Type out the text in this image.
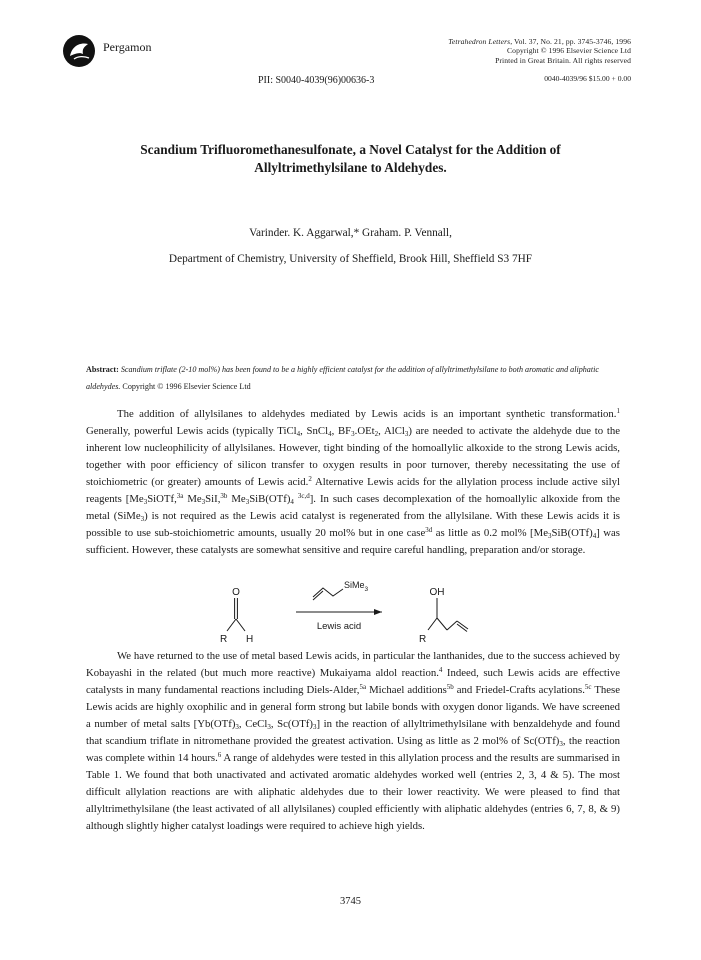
Pergamon	Tetrahedron Letters, Vol. 37, No. 21, pp. 3745-3746, 1996
Copyright © 1996 Elsevier Science Ltd
Printed in Great Britain. All rights reserved
PII: S0040-4039(96)00636-3	0040-4039/96 $15.00 + 0.00
Scandium Trifluoromethanesulfonate, a Novel Catalyst for the Addition of
Allyltrimethylsilane to Aldehydes.
Varinder. K. Aggarwal,* Graham. P. Vennall,
Department of Chemistry, University of Sheffield, Brook Hill, Sheffield S3 7HF
Abstract: Scandium triflate (2-10 mol%) has been found to be a highly efficient catalyst for the addition of allyltrimethylsilane to both aromatic and aliphatic aldehydes. Copyright © 1996 Elsevier Science Ltd

The addition of allylsilanes to aldehydes mediated by Lewis acids is an important synthetic transformation.$^1$ Generally, powerful Lewis acids (typically TiCl$_4$, SnCl$_4$, $BF_3.OEt_2$, AlCl$_3$) are needed to activate the aldehyde due to the inherent low nucleophilicity of allylsilanes. However, tight binding of the homoallylic alkoxide to the strong Lewis acids, together with poor efficiency of silicon transfer to oxygen results in poor turnover, thereby necessitating the use of stoichiometric (or greater) amounts of Lewis acid.$^2$ Alternative Lewis acids for the allylation process include active silyl reagents [$Me_3SiOTf,^{3a}$ $Me_3SiI,^{3b}$ $Me_3SiB(OTf)_4$ $^{3c,d}$]. In such cases decomplexation of the homoallylic alkoxide from the metal (SiMe$_3$) is not required as the Lewis acid catalyst is regenerated from the allylsilane. With these Lewis acids it is possible to use sub-stoichiometric amounts, usually 20 mol% but in one case$^{3d}$ as little as 0.2 mol% $[Me_3SiB(OTf)_4]$ was sufficient. However, these catalysts are somewhat sensitive and require careful handling, preparation and/or storage.

O
R H
SiMe$_3$
Lewis acid
OH
R

We have returned to the use of metal based Lewis acids, in particular the lanthanides, due to the success achieved by Kobayashi in the related (but much more reactive) Mukaiyama aldol reaction.$^4$ Indeed, such Lewis acids are effective catalysts in many fundamental reactions including Diels-Alder,$^{5a}$ Michael additions$^{5b}$ and Friedel-Crafts acylations.$^{5c}$ These Lewis acids are highly oxophilic and in general form strong but labile bonds with oxygen donor ligands. We have screened a number of metal salts [$Yb(OTf)_3$, CeCl$_3$, $Sc(OTf)_3$] in the reaction of allyltrimethylsilane with benzaldehyde and found that scandium triflate in nitromethane provided the greatest activation. Using as little as 2 mol% of $Sc(OTf)_3$, the reaction was complete within 14 hours.$^6$ A range of aldehydes were tested in this allylation process and the results are summarised in Table 1. We found that both unactivated and activated aromatic aldehydes worked well (entries 2, 3, 4 & 5). The most difficult allylation reactions are with aliphatic aldehydes due to their lower reactivity. We were pleased to find that allyltrimethylsilane (the least activated of all allylsilanes) coupled efficiently with aliphatic aldehydes (entries 6, 7, 8, & 9) although slightly higher catalyst loadings were required to achieve high yields.

3745
